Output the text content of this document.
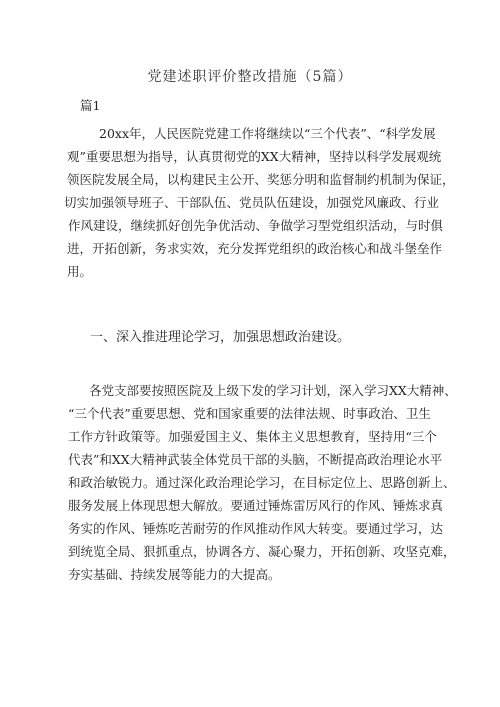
党建述职评价整改措施（5篇）
篇1
20xx年，人民医院党建工作将继续以“三个代表”、“科学发展
观”重要思想为指导，认真贯彻党的XX大精神，坚持以科学发展观统
领医院发展全局，以构建民主公开、奖惩分明和监督制约机制为保证，
切实加强领导班子、干部队伍、党员队伍建设，加强党风廉政、行业
作风建设，继续抓好创先争优活动、争做学习型党组织活动，与时俱
进，开拓创新，务求实效，充分发挥党组织的政治核心和战斗堡垒作
用。
一、深入推进理论学习，加强思想政治建设。
各党支部要按照医院及上级下发的学习计划，深入学习XX大精神、
“三个代表”重要思想、党和国家重要的法律法规、时事政治、卫生
工作方针政策等。加强爱国主义、集体主义思想教育，坚持用“三个
代表”和XX大精神武装全体党员干部的头脑，不断提高政治理论水平
和政治敏锐力。通过深化政治理论学习，在目标定位上、思路创新上、
服务发展上体现思想大解放。要通过锤炼雷厉风行的作风、锤炼求真
务实的作风、锤炼吃苦耐劳的作风推动作风大转变。要通过学习，达
到统览全局、狠抓重点，协调各方、凝心聚力，开拓创新、攻坚克难，
夯实基础、持续发展等能力的大提高。
